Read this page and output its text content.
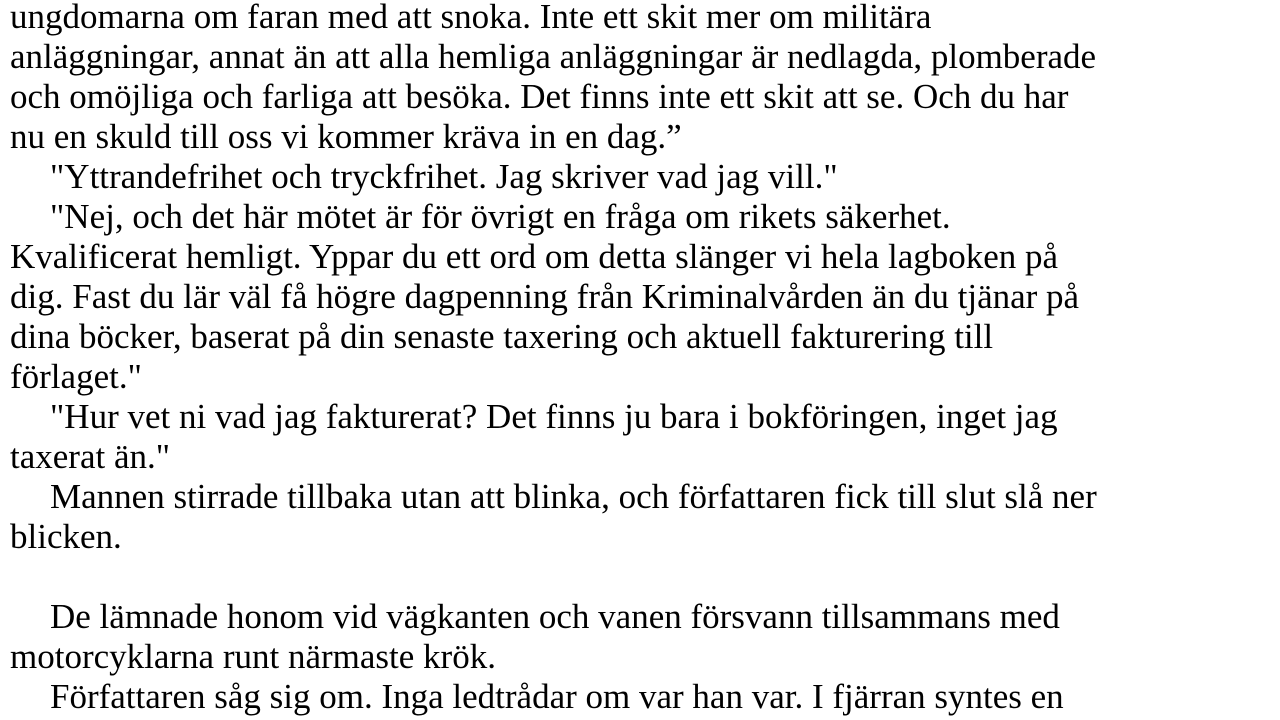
ungdomarna om faran med att snoka. Inte ett skit mer om militära
anläggningar, annat än att alla hemliga anläggningar är nedlagda, plomberade
och omöjliga och farliga att besöka. Det finns inte ett skit att se. Och du har
nu en skuld till oss vi kommer kräva in en dag.”
"Yttrandefrihet och tryckfrihet. Jag skriver vad jag vill."
"Nej, och det här mötet är för övrigt en fråga om rikets säkerhet.
Kvalificerat hemligt. Yppar du ett ord om detta slänger vi hela lagboken på
dig. Fast du lär väl få högre dagpenning från Kriminalvården än du tjänar på
dina böcker, baserat på din senaste taxering och aktuell fakturering till
förlaget."
"Hur vet ni vad jag fakturerat? Det finns ju bara i bokföringen, inget jag
taxerat än."
Mannen stirrade tillbaka utan att blinka, och författaren fick till slut slå ner
blicken.
De lämnade honom vid vägkanten och vanen försvann tillsammans med
motorcyklarna runt närmaste krök.
Författaren såg sig om. Inga ledtrådar om var han var. I fjärran syntes en
